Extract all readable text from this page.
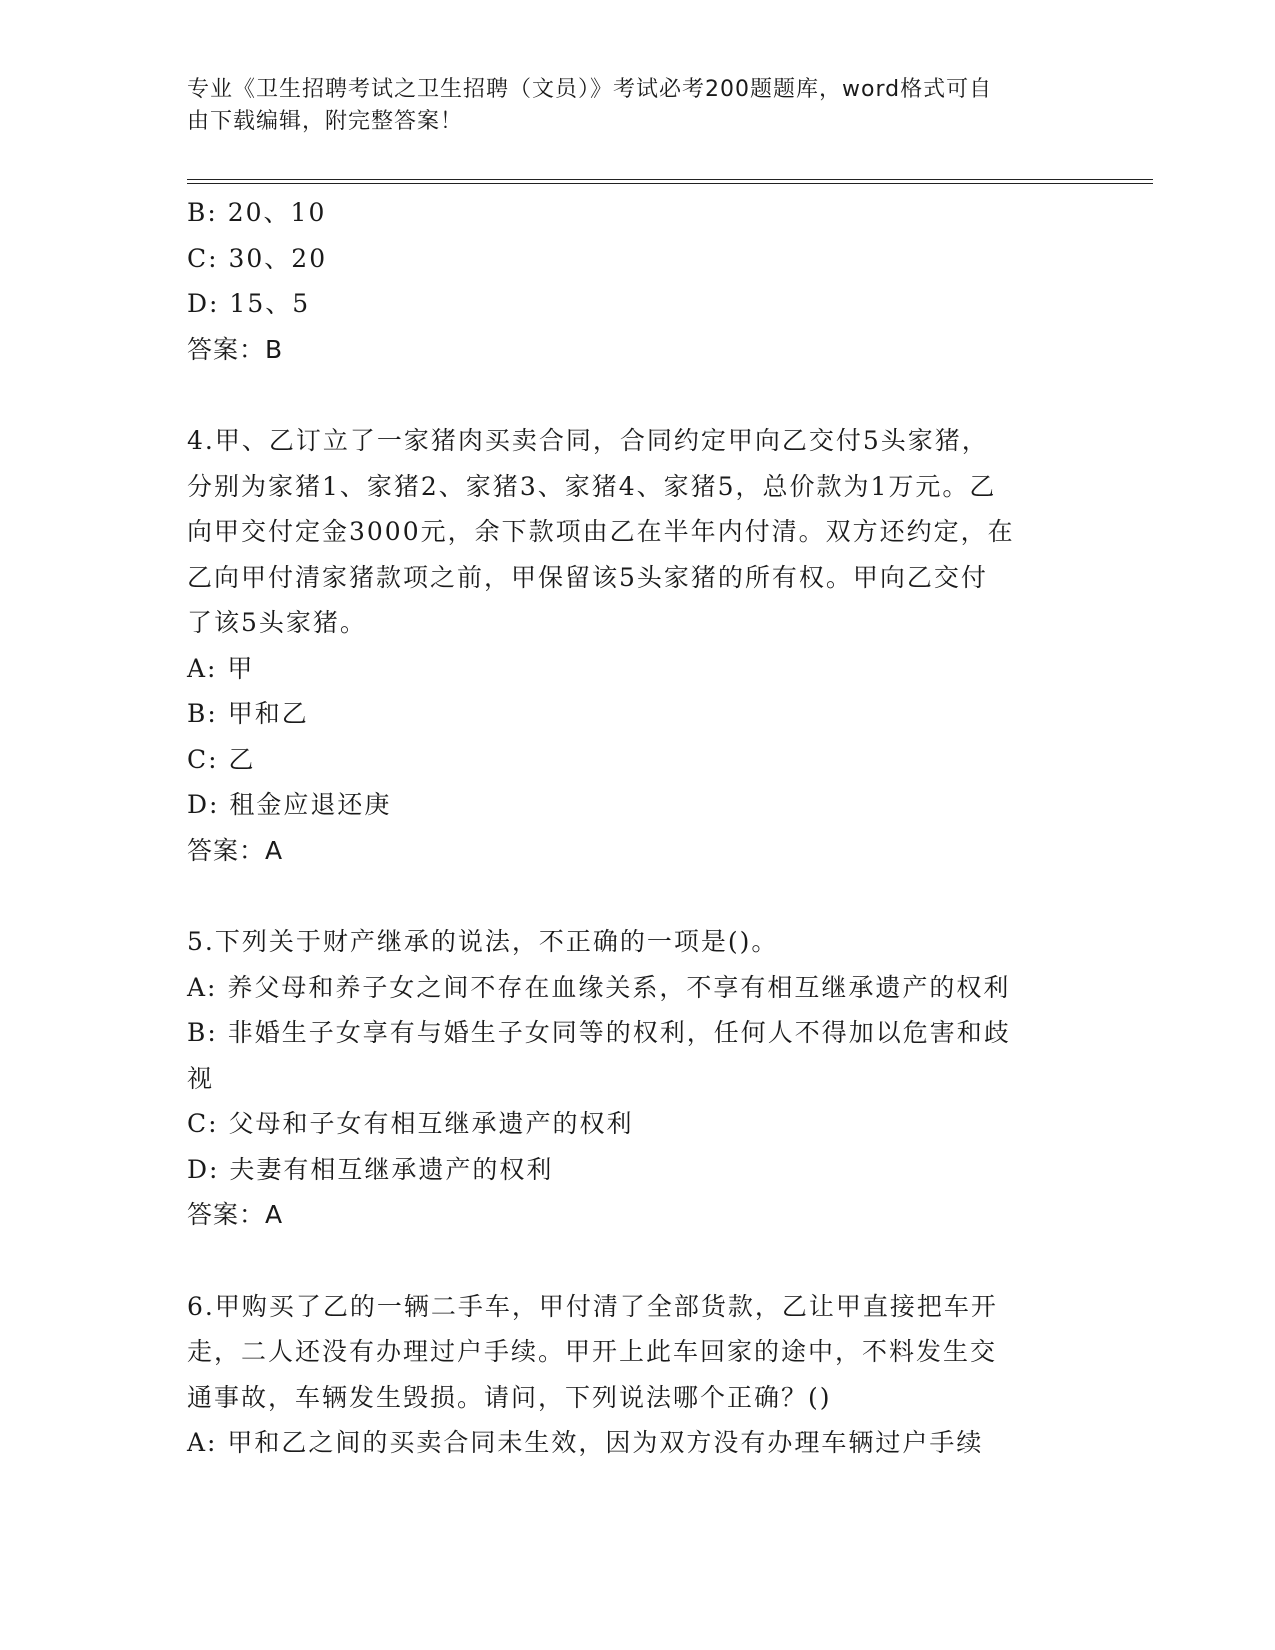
专业《卫生招聘考试之卫生招聘（文员）》考试必考200题题库，word格式可自
由下载编辑，附完整答案！
B: 20、10
C: 30、20
D: 15、5
答案：B
4.甲、乙订立了一家猪肉买卖合同，合同约定甲向乙交付5头家猪，
分别为家猪1、家猪2、家猪3、家猪4、家猪5，总价款为1万元。乙
向甲交付定金3000元，余下款项由乙在半年内付清。双方还约定，在
乙向甲付清家猪款项之前，甲保留该5头家猪的所有权。甲向乙交付
了该5头家猪。
A: 甲
B: 甲和乙
C: 乙
D: 租金应退还庚
答案：A
5.下列关于财产继承的说法，不正确的一项是()。
A: 养父母和养子女之间不存在血缘关系，不享有相互继承遗产的权利
B: 非婚生子女享有与婚生子女同等的权利，任何人不得加以危害和歧
视
C: 父母和子女有相互继承遗产的权利
D: 夫妻有相互继承遗产的权利
答案：A
6.甲购买了乙的一辆二手车，甲付清了全部货款，乙让甲直接把车开
走，二人还没有办理过户手续。甲开上此车回家的途中，不料发生交
通事故，车辆发生毁损。请问，下列说法哪个正确？()
A: 甲和乙之间的买卖合同未生效，因为双方没有办理车辆过户手续
